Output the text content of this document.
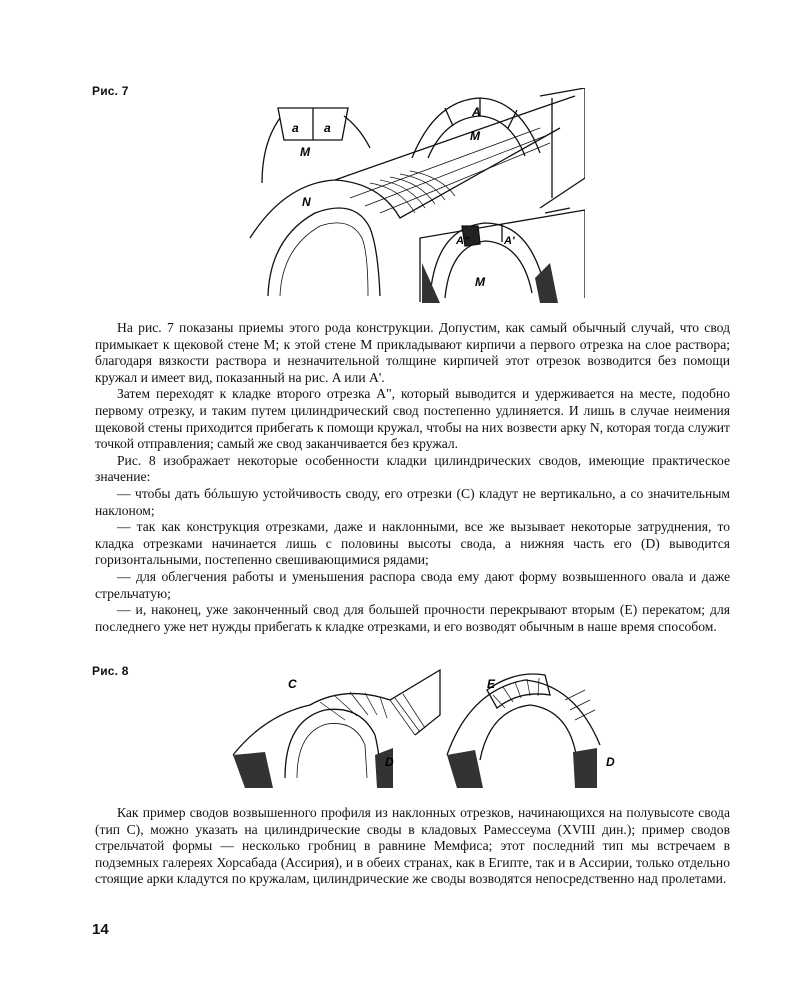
Рис. 7
a a
M
A
M
N
A"	A'
M

На рис. 7 показаны приемы этого рода конструкции. Допустим, как самый обычный случай, что свод примыкает к щековой стене M; к этой стене M прикладывают кирпичи a первого отрезка на слое раствора; благодаря вязкости раствора и незначительной толщине кирпичей этот отрезок возводится без помощи кружал и имеет вид, показанный на рис. A или A'.

Затем переходят к кладке второго отрезка A", который выводится и удерживается на месте, подобно первому отрезку, и таким путем цилиндрический свод постепенно удлиняется. И лишь в случае неимения щековой стены приходится прибегать к помощи кружал, чтобы на них возвести арку N, которая тогда служит точкой отправления; самый же свод заканчивается без кружал.

Рис. 8 изображает некоторые особенности кладки цилиндрических сводов, имеющие практическое значение:

— чтобы дать бóльшую устойчивость своду, его отрезки (C) кладут не вертикально, а со значительным наклоном;

— так как конструкция отрезками, даже и наклонными, все же вызывает некоторые затруднения, то кладка отрезками начинается лишь с половины высоты свода, а нижняя часть его (D) выводится горизонтальными, постепенно свешивающимися рядами;

— для облегчения работы и уменьшения распора свода ему дают форму возвышенного овала и даже стрельчатую;

— и, наконец, уже законченный свод для большей прочности перекрывают вторым (E) перекатом; для последнего уже нет нужды прибегать к кладке отрезками, и его возводят обычным в наше время способом.

Рис. 8
C
D
E
D

Как пример сводов возвышенного профиля из наклонных отрезков, начинающихся на полувысоте свода (тип C), можно указать на цилиндрические своды в кладовых Рамессеума (XVIII дин.); пример сводов стрельчатой формы — несколько гробниц в равнине Мемфиса; этот последний тип мы встречаем в подземных галереях Хорсабада (Ассирия), и в обеих странах, как в Египте, так и в Ассирии, только отдельно стоящие арки кладутся по кружалам, цилиндрические же своды возводятся непосредственно над пролетами.

14
